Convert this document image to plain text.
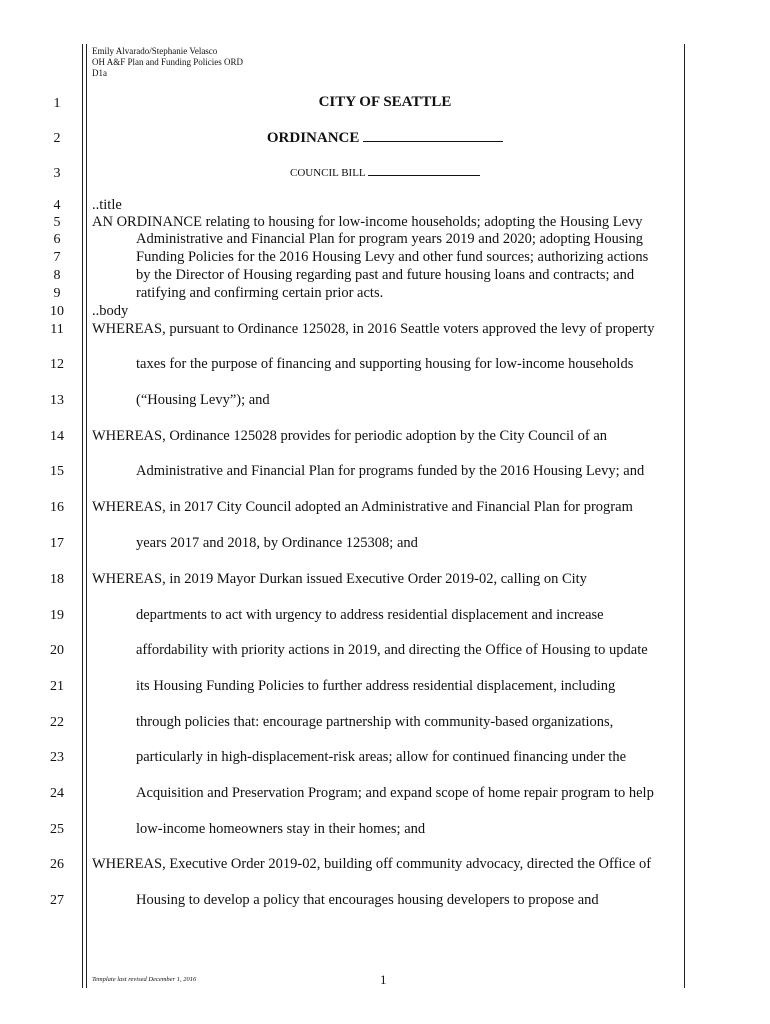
Emily Alvarado/Stephanie Velasco
OH A&F Plan and Funding Policies ORD
D1a
1
2
3
4
5
6
7
8
9
10
11
12
13
14
15
16
17
18
19
20
21
22
23
24
25
26
27
CITY OF SEATTLE
ORDINANCE
COUNCIL BILL
..title
AN ORDINANCE relating to housing for low-income households; adopting the Housing Levy
Administrative and Financial Plan for program years 2019 and 2020; adopting Housing
Funding Policies for the 2016 Housing Levy and other fund sources; authorizing actions
by the Director of Housing regarding past and future housing loans and contracts; and
ratifying and confirming certain prior acts.
..body
WHEREAS, pursuant to Ordinance 125028, in 2016 Seattle voters approved the levy of property
taxes for the purpose of financing and supporting housing for low-income households
(“Housing Levy”); and
WHEREAS, Ordinance 125028 provides for periodic adoption by the City Council of an
Administrative and Financial Plan for programs funded by the 2016 Housing Levy; and
WHEREAS, in 2017 City Council adopted an Administrative and Financial Plan for program
years 2017 and 2018, by Ordinance 125308; and
WHEREAS, in 2019 Mayor Durkan issued Executive Order 2019-02, calling on City
departments to act with urgency to address residential displacement and increase
affordability with priority actions in 2019, and directing the Office of Housing to update
its Housing Funding Policies to further address residential displacement, including
through policies that: encourage partnership with community-based organizations,
particularly in high-displacement-risk areas; allow for continued financing under the
Acquisition and Preservation Program; and expand scope of home repair program to help
low-income homeowners stay in their homes; and
WHEREAS, Executive Order 2019-02, building off community advocacy, directed the Office of
Housing to develop a policy that encourages housing developers to propose and
Template last revised December 1, 2016	1
